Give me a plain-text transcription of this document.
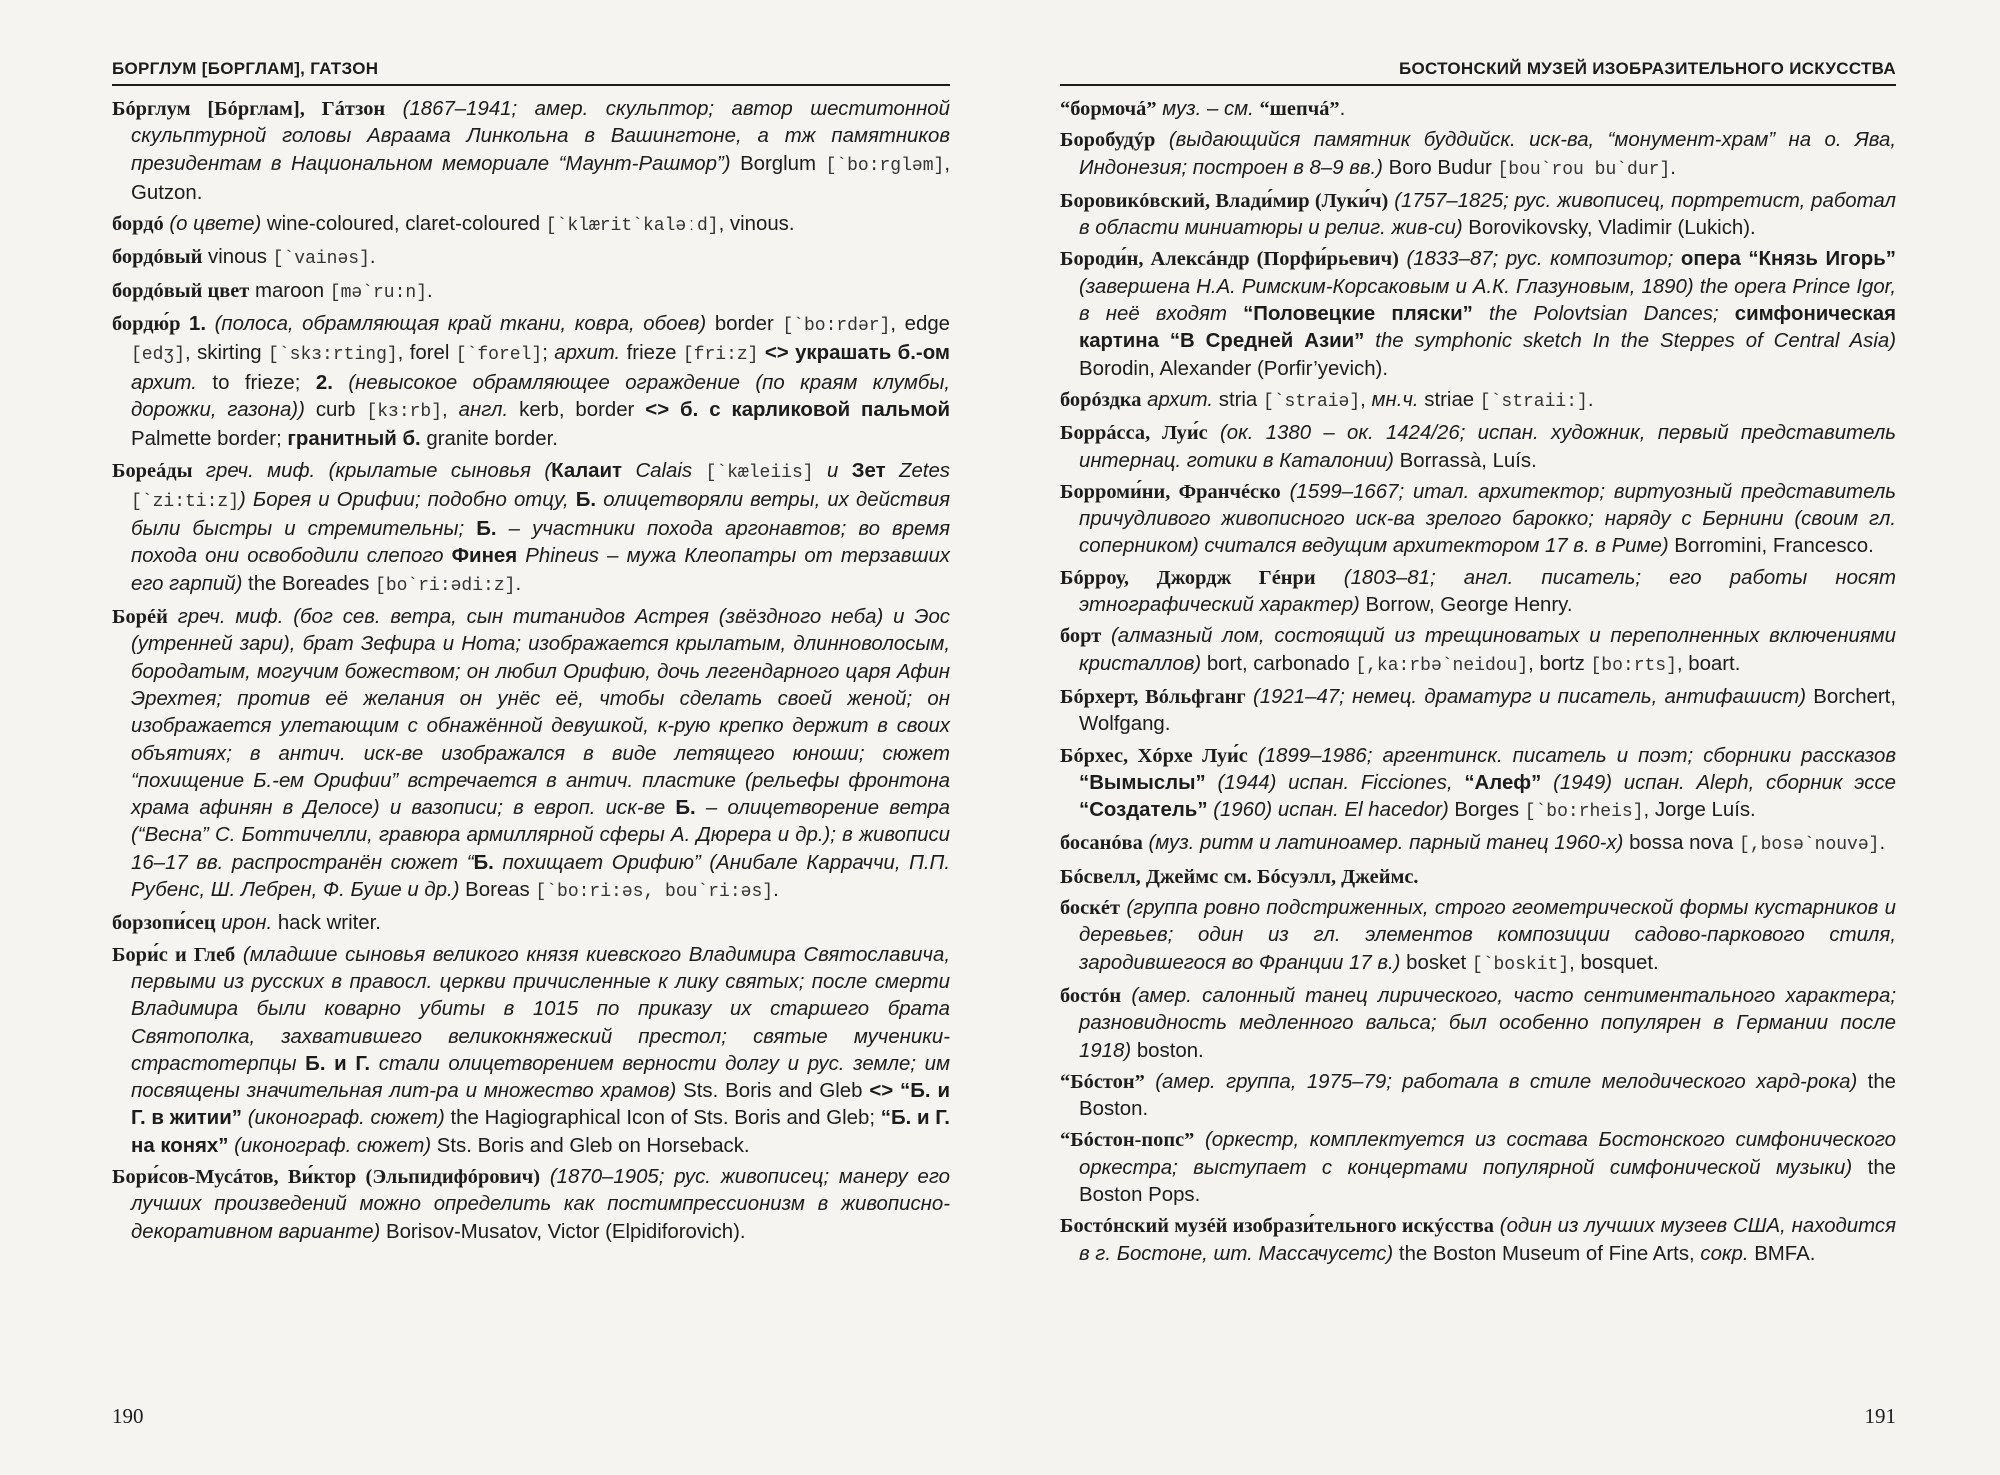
БОРГЛУМ [БОРГЛАМ], ГАТЗОН
Бóрглум [Бóрглам], Гáтзон (1867–1941; амер. скульптор; автор шеститонной скульптурной головы Авраама Линкольна в Вашингтоне, а тж памятников президентам в Национальном мемориале “Маунт-Рашмор”) Borglum [`bo:rgləm], Gutzon.
бордó (о цвете) wine-coloured, claret-coloured [`klærit`kaləːd], vinous.
бордóвый vinous [`vainəs].
бордóвый цвет maroon [mə`ru:n].
бордю́р 1. (полоса, обрамляющая край ткани, ковра, обоев) border [`bo:rdər], edge [edʒ], skirting [`skз:rting], forel [`forel]; архит. frieze [fri:z] <> украшать б.-ом архит. to frieze; 2. (невысокое обрамляющее ограждение (по краям клумбы, дорожки, газона)) curb [kз:rb], англ. kerb, border <> б. с карликовой пальмой Palmette border; гранитный б. granite border.
Бореáды греч. миф. (крылатые сыновья (Калаит Calais [`kæleiis] и Зет Zetes [`zi:ti:z]) Борея и Орифии; подобно отцу, Б. олицетворяли ветры, их действия были быстры и стремительны; Б. – участники похода аргонавтов; во время похода они освободили слепого Финея Phineus – мужа Клеопатры от терзавших его гарпий) the Boreades [bo`ri:ədi:z].
Борéй греч. миф. (бог сев. ветра, сын титанидов Астрея (звёздного неба) и Эос (утренней зари), брат Зефира и Нота; изображается крылатым, длинноволосым, бородатым, могучим божеством; он любил Орифию, дочь легендарного царя Афин Эрехтея; против её желания он унёс её, чтобы сделать своей женой; он изображается улетающим с обнажённой девушкой, к-рую крепко держит в своих объятиях; в антич. иск-ве изображался в виде летящего юноши; сюжет “похищение Б.-ем Орифии” встречается в антич. пластике (рельефы фронтона храма афинян в Делосе) и вазописи; в европ. иск-ве Б. – олицетворение ветра (“Весна” С. Боттичелли, гравюра армиллярной сферы А. Дюрера и др.); в живописи 16–17 вв. распространён сюжет “Б. похищает Орифию” (Анибале Карраччи, П.П. Рубенс, Ш. Лебрен, Ф. Буше и др.) Boreas [`bo:ri:əs, bou`ri:əs].
борзопи́сец ирон. hack writer.
Бори́с и Глеб (младшие сыновья великого князя киевского Владимира Святославича, первыми из русских в правосл. церкви причисленные к лику святых; после смерти Владимира были коварно убиты в 1015 по приказу их старшего брата Святополка, захватившего великокняжеский престол; святые мученики-страстотерпцы Б. и Г. стали олицетворением верности долгу и рус. земле; им посвящены значительная лит-ра и множество храмов) Sts. Boris and Gleb <> “Б. и Г. в житии” (иконограф. сюжет) the Hagiographical Icon of Sts. Boris and Gleb; “Б. и Г. на конях” (иконограф. сюжет) Sts. Boris and Gleb on Horseback.
Бори́сов-Мусáтов, Ви́ктор (Эльпидифóрович) (1870–1905; рус. живописец; манеру его лучших произведений можно определить как постимпрессионизм в живописно-декоративном варианте) Borisov-Musatov, Victor (Elpidiforovich).
190
БОСТОНСКИЙ МУЗЕЙ ИЗОБРАЗИТЕЛЬНОГО ИСКУССТВА
“бормочá” муз. – см. “шепчá”.
Боробудýр (выдающийся памятник буддийск. иск-ва, “монумент-храм” на о. Ява, Индонезия; построен в 8–9 вв.) Boro Budur [bou`rou bu`dur].
Боровикóвский, Влади́мир (Луки́ч) (1757–1825; рус. живописец, портретист, работал в области миниатюры и религ. жив-си) Borovikovsky, Vladimir (Lukich).
Бороди́н, Алексáндр (Порфи́рьевич) (1833–87; рус. композитор; опера “Князь Игорь” (завершена Н.А. Римским-Корсаковым и А.К. Глазуновым, 1890) the opera Prince Igor, в неё входят “Половецкие пляски” the Polovtsian Dances; симфоническая картина “В Средней Азии” the symphonic sketch In the Steppes of Central Asia) Borodin, Alexander (Porfir’yevich).
борóздка архит. stria [`straiə], мн.ч. striae [`straii:].
Боррáсса, Луи́с (ок. 1380 – ок. 1424/26; испан. художник, первый представитель интернац. готики в Каталонии) Borrassà, Luís.
Борроми́ни, Франчéско (1599–1667; итал. архитектор; виртуозный представитель причудливого живописного иск-ва зрелого барокко; наряду с Бернини (своим гл. соперником) считался ведущим архитектором 17 в. в Риме) Borromini, Francesco.
Бóрроу, Джордж Гéнри (1803–81; англ. писатель; его работы носят этнографический характер) Borrow, George Henry.
борт (алмазный лом, состоящий из трещиноватых и переполненных включениями кристаллов) bort, carbonado [,ka:rbə`neidou], bortz [bo:rts], boart.
Бóрхерт, Вóльфганг (1921–47; немец. драматург и писатель, антифашист) Borchert, Wolfgang.
Бóрхес, Хóрхе Луи́с (1899–1986; аргентинск. писатель и поэт; сборники рассказов “Вымыслы” (1944) испан. Ficciones, “Алеф” (1949) испан. Aleph, сборник эссе “Создатель” (1960) испан. El hacedor) Borges [`bo:rheis], Jorge Luís.
босанóва (муз. ритм и латиноамер. парный танец 1960-х) bossa nova [,bosə`nouvə].
Бóсвелл, Джеймс см. Бóсуэлл, Джеймс.
боскéт (группа ровно подстриженных, строго геометрической формы кустарников и деревьев; один из гл. элементов композиции садово-паркового стиля, зародившегося во Франции 17 в.) bosket [`boskit], bosquet.
бостóн (амер. салонный танец лирического, часто сентиментального характера; разновидность медленного вальса; был особенно популярен в Германии после 1918) boston.
“Бóстон” (амер. группа, 1975–79; работала в стиле мелодического хард-рока) the Boston.
“Бóстон-попс” (оркестр, комплектуется из состава Бостонского симфонического оркестра; выступает с концертами популярной симфонической музыки) the Boston Pops.
Бостóнский музéй изобрази́тельного искýсства (один из лучших музеев США, находится в г. Бостоне, шт. Массачусетс) the Boston Museum of Fine Arts, сокр. BMFA.
191
